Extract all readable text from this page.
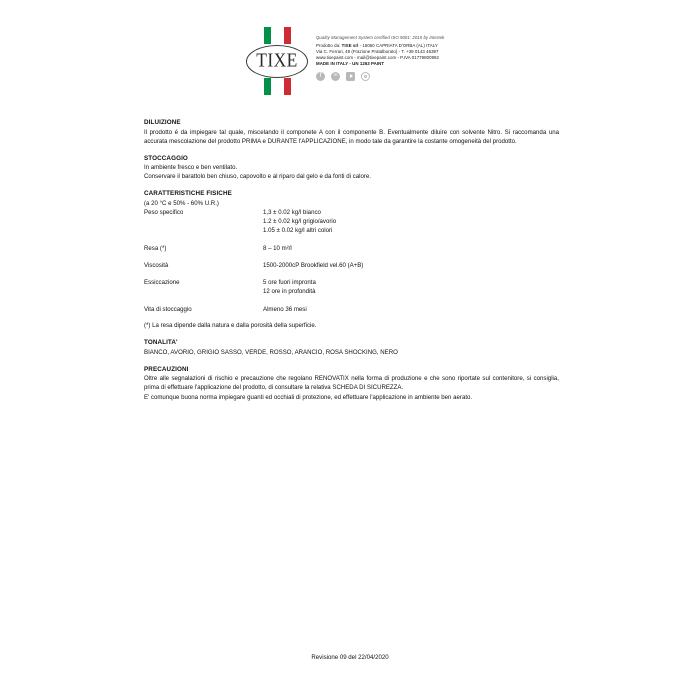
TIXE
Quality Management System certified ISO 9001: 2015 by Intertek
Prodotto da: TIXE srl - 15060 CAPRIATA D'ORBA (AL) ITALY
Via C. Ferrari, 49 (Frazione Pratalborato) - T. +39 0143 46397
www.tixepaint.com - mail@tixepaint.com - P.IVA 01779800992
MADE IN ITALY - UN 1263 PAINT
f	in
DILUIZIONE

Il prodotto é da impiegare tal quale, miscelando il componete A con il componente B. Eventualmente diluire con solvente Nitro. Si raccomanda una accurata mescolazione del prodotto PRIMA e DURANTE l'APPLICAZIONE, in modo tale da garantire la costante omogeneità del prodotto.

STOCCAGGIO

In ambiente fresco e ben ventilato.

Conservare il barattolo ben chiuso, capovolto e al riparo dal gelo e da fonti di calore.

CARATTERISTICHE FISICHE

(a 20 °C e 50% - 60% U.R.)

Peso specifico	1,3 ± 0.02 kg/l bianco
1.2 ± 0.02 kg/l grigio/avorio
1.05 ± 0.02 kg/l altri colori

Resa (*)	8 – 10 m²/l

Viscosità	1500-2000cP Brookfield vel.60 (A+B)

Essiccazione	5 ore fuori impronta
12 ore in profondità

Vita di stoccaggio	Almeno 36 mesi

(*) La resa dipende dalla natura e dalla porosità della superficie.

TONALITA'

BIANCO, AVORIO, GRIGIO SASSO, VERDE, ROSSO, ARANCIO, ROSA SHOCKING, NERO

PRECAUZIONI

Oltre alle segnalazioni di rischio e precauzione che regolano RENOVATIX nella forma di produzione e che sono riportate sul contenitore, si consiglia, prima di effettuare l'applicazione del prodotto, di consultare la relativa SCHEDA DI SICUREZZA.

E' comunque buona norma impiegare guanti ed occhiali di protezione, ed effettuare l'applicazione in ambiente ben aerato.

Revisione 09 del 22/04/2020
